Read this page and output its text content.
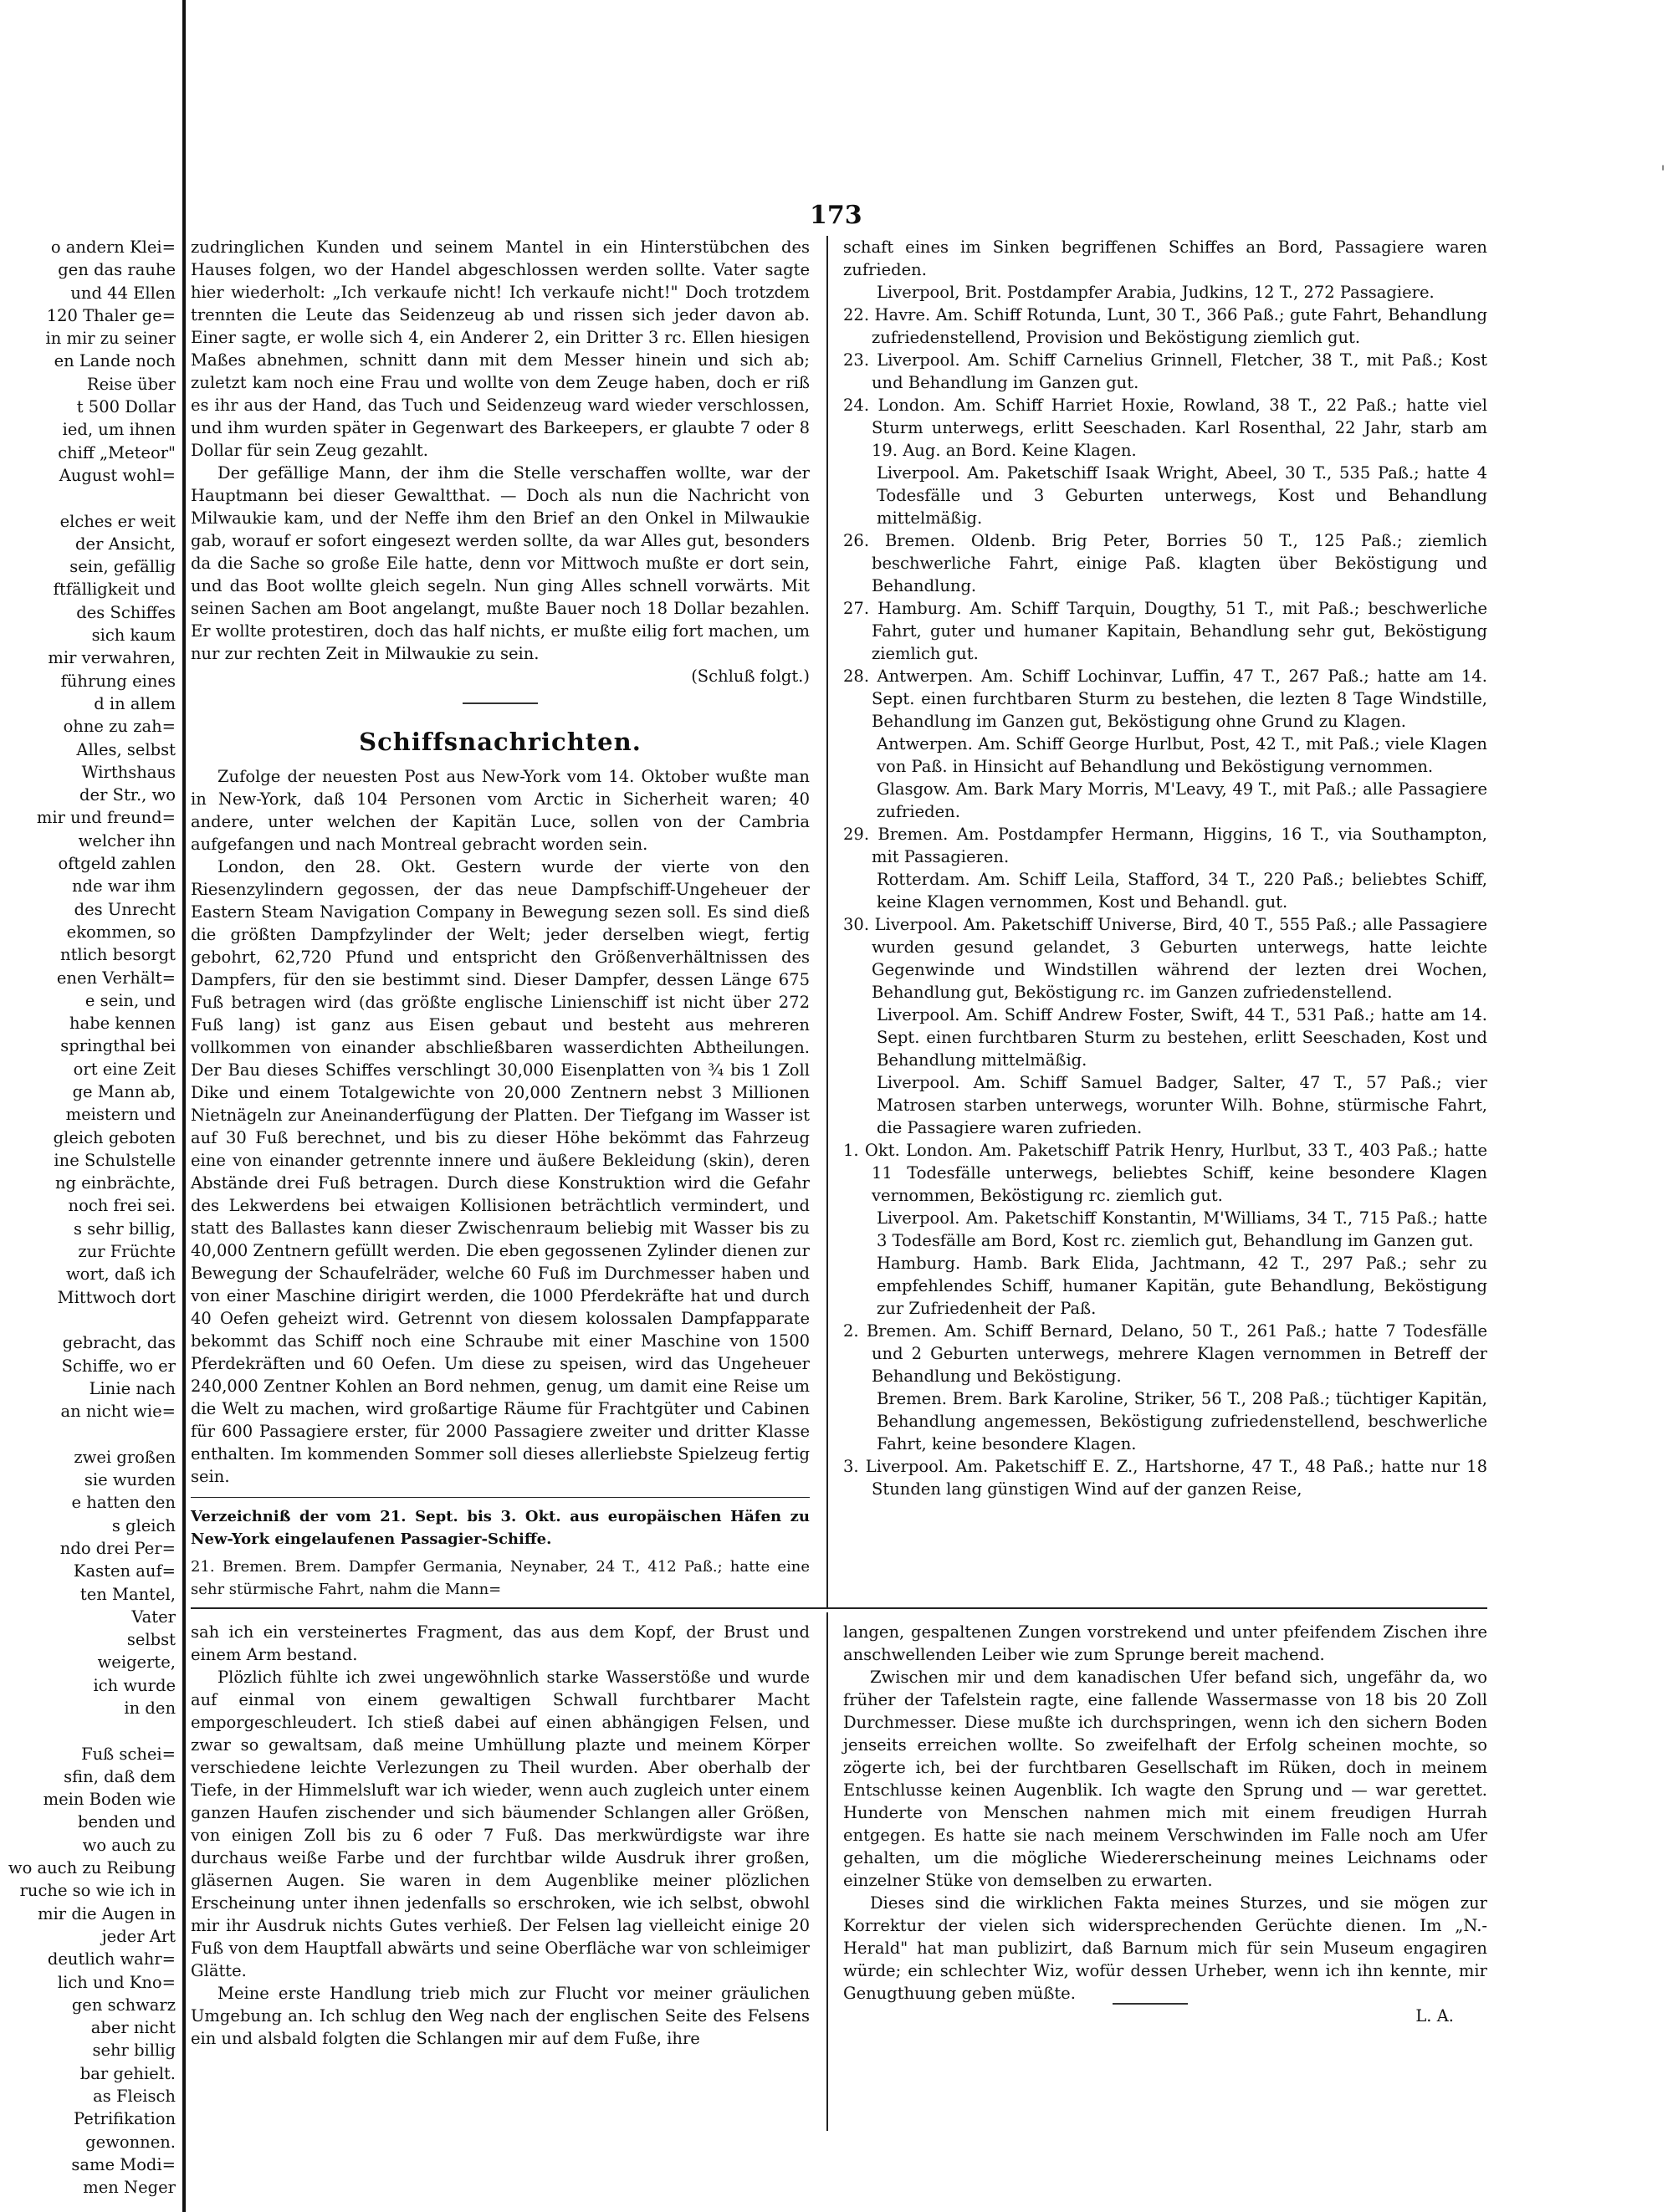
173
o andern Klei=
gen das rauhe
und 44 Ellen
120 Thaler ge=
in mir zu seiner
en Lande noch
Reise über
t 500 Dollar
ied, um ihnen
chiff „Meteor"
August wohl=
elches er weit
der Ansicht,
sein, gefällig
ftfälligkeit und
des Schiffes
sich kaum
mir verwahren,
führung eines
d in allem
ohne zu zah=
Alles, selbst
Wirthshaus
der Str., wo
mir und freund=
welcher ihn
oftgeld zahlen
nde war ihm
des Unrecht
ekommen, so
ntlich besorgt
enen Verhält=
e sein, und
habe kennen
springthal bei
ort eine Zeit
ge Mann ab,
meistern und
gleich geboten
ine Schulstelle
ng einbrächte,
noch frei sei.
s sehr billig,
zur Früchte
wort, daß ich
Mittwoch dort
gebracht, das
Schiffe, wo er
Linie nach
an nicht wie=
zwei großen
sie wurden
e hatten den
s gleich
ndo drei Per=
Kasten auf=
ten Mantel,
Vater
selbst
weigerte,
ich wurde
in den
Fuß schei=
sfin, daß dem
mein Boden wie
benden und
wo auch zu
wo auch zu Reibung
ruche so wie ich in
mir die Augen in
jeder Art
deutlich wahr=
lich und Kno=
gen schwarz
aber nicht
sehr billig
bar gehielt.
as Fleisch
Petrifikation
gewonnen.
same Modi=
men Neger

zudringlichen Kunden und seinem Mantel in ein Hinterstübchen des Hauses folgen, wo der Handel abgeschlossen werden sollte. Vater sagte hier wiederholt: „Ich verkaufe nicht! Ich verkaufe nicht!" Doch trotzdem trennten die Leute das Seidenzeug ab und rissen sich jeder davon ab. Einer sagte, er wolle sich 4, ein Anderer 2, ein Dritter 3 rc. Ellen hiesigen Maßes abnehmen, schnitt dann mit dem Messer hinein und sich ab; zuletzt kam noch eine Frau und wollte von dem Zeuge haben, doch er riß es ihr aus der Hand, das Tuch und Seidenzeug ward wieder verschlossen, und ihm wurden später in Gegenwart des Barkeepers, er glaubte 7 oder 8 Dollar für sein Zeug gezahlt.

Der gefällige Mann, der ihm die Stelle verschaffen wollte, war der Hauptmann bei dieser Gewaltthat. — Doch als nun die Nachricht von Milwaukie kam, und der Neffe ihm den Brief an den Onkel in Milwaukie gab, worauf er sofort eingesezt werden sollte, da war Alles gut, besonders da die Sache so große Eile hatte, denn vor Mittwoch mußte er dort sein, und das Boot wollte gleich segeln. Nun ging Alles schnell vorwärts. Mit seinen Sachen am Boot angelangt, mußte Bauer noch 18 Dollar bezahlen. Er wollte protestiren, doch das half nichts, er mußte eilig fort machen, um nur zur rechten Zeit in Milwaukie zu sein.

(Schluß folgt.)

Schiffsnachrichten.

Zufolge der neuesten Post aus New-York vom 14. Oktober wußte man in New-York, daß 104 Personen vom Arctic in Sicherheit waren; 40 andere, unter welchen der Kapitän Luce, sollen von der Cambria aufgefangen und nach Montreal gebracht worden sein.

London, den 28. Okt. Gestern wurde der vierte von den Riesenzylindern gegossen, der das neue Dampfschiff-Ungeheuer der Eastern Steam Navigation Company in Bewegung sezen soll. Es sind dieß die größten Dampfzylinder der Welt; jeder derselben wiegt, fertig gebohrt, 62,720 Pfund und entspricht den Größenverhältnissen des Dampfers, für den sie bestimmt sind. Dieser Dampfer, dessen Länge 675 Fuß betragen wird (das größte englische Linienschiff ist nicht über 272 Fuß lang) ist ganz aus Eisen gebaut und besteht aus mehreren vollkommen von einander abschließbaren wasserdichten Abtheilungen. Der Bau dieses Schiffes verschlingt 30,000 Eisenplatten von ¾ bis 1 Zoll Dike und einem Totalgewichte von 20,000 Zentnern nebst 3 Millionen Nietnägeln zur Aneinanderfügung der Platten. Der Tiefgang im Wasser ist auf 30 Fuß berechnet, und bis zu dieser Höhe bekömmt das Fahrzeug eine von einander getrennte innere und äußere Bekleidung (skin), deren Abstände drei Fuß betragen. Durch diese Konstruktion wird die Gefahr des Lekwerdens bei etwaigen Kollisionen beträchtlich vermindert, und statt des Ballastes kann dieser Zwischenraum beliebig mit Wasser bis zu 40,000 Zentnern gefüllt werden. Die eben gegossenen Zylinder dienen zur Bewegung der Schaufelräder, welche 60 Fuß im Durchmesser haben und von einer Maschine dirigirt werden, die 1000 Pferdekräfte hat und durch 40 Oefen geheizt wird. Getrennt von diesem kolossalen Dampfapparate bekommt das Schiff noch eine Schraube mit einer Maschine von 1500 Pferdekräften und 60 Oefen. Um diese zu speisen, wird das Ungeheuer 240,000 Zentner Kohlen an Bord nehmen, genug, um damit eine Reise um die Welt zu machen, wird großartige Räume für Frachtgüter und Cabinen für 600 Passagiere erster, für 2000 Passagiere zweiter und dritter Klasse enthalten. Im kommenden Sommer soll dieses allerliebste Spielzeug fertig sein.

Verzeichniß der vom 21. Sept. bis 3. Okt. aus europäischen Häfen zu New-York eingelaufenen Passagier-Schiffe.

21. Bremen. Brem. Dampfer Germania, Neynaber, 24 T., 412 Paß.; hatte eine sehr stürmische Fahrt, nahm die Mann=

schaft eines im Sinken begriffenen Schiffes an Bord, Passagiere waren zufrieden.

Liverpool, Brit. Postdampfer Arabia, Judkins, 12 T., 272 Passagiere.

22. Havre. Am. Schiff Rotunda, Lunt, 30 T., 366 Paß.; gute Fahrt, Behandlung zufriedenstellend, Provision und Beköstigung ziemlich gut.

23. Liverpool. Am. Schiff Carnelius Grinnell, Fletcher, 38 T., mit Paß.; Kost und Behandlung im Ganzen gut.

24. London. Am. Schiff Harriet Hoxie, Rowland, 38 T., 22 Paß.; hatte viel Sturm unterwegs, erlitt Seeschaden. Karl Rosenthal, 22 Jahr, starb am 19. Aug. an Bord. Keine Klagen.

Liverpool. Am. Paketschiff Isaak Wright, Abeel, 30 T., 535 Paß.; hatte 4 Todesfälle und 3 Geburten unterwegs, Kost und Behandlung mittelmäßig.

26. Bremen. Oldenb. Brig Peter, Borries 50 T., 125 Paß.; ziemlich beschwerliche Fahrt, einige Paß. klagten über Beköstigung und Behandlung.

27. Hamburg. Am. Schiff Tarquin, Dougthy, 51 T., mit Paß.; beschwerliche Fahrt, guter und humaner Kapitain, Behandlung sehr gut, Beköstigung ziemlich gut.

28. Antwerpen. Am. Schiff Lochinvar, Luffin, 47 T., 267 Paß.; hatte am 14. Sept. einen furchtbaren Sturm zu bestehen, die lezten 8 Tage Windstille, Behandlung im Ganzen gut, Beköstigung ohne Grund zu Klagen.

Antwerpen. Am. Schiff George Hurlbut, Post, 42 T., mit Paß.; viele Klagen von Paß. in Hinsicht auf Behandlung und Beköstigung vernommen.

Glasgow. Am. Bark Mary Morris, M'Leavy, 49 T., mit Paß.; alle Passagiere zufrieden.

29. Bremen. Am. Postdampfer Hermann, Higgins, 16 T., via Southampton, mit Passagieren.

Rotterdam. Am. Schiff Leila, Stafford, 34 T., 220 Paß.; beliebtes Schiff, keine Klagen vernommen, Kost und Behandl. gut.

30. Liverpool. Am. Paketschiff Universe, Bird, 40 T., 555 Paß.; alle Passagiere wurden gesund gelandet, 3 Geburten unterwegs, hatte leichte Gegenwinde und Windstillen während der lezten drei Wochen, Behandlung gut, Beköstigung rc. im Ganzen zufriedenstellend.

Liverpool. Am. Schiff Andrew Foster, Swift, 44 T., 531 Paß.; hatte am 14. Sept. einen furchtbaren Sturm zu bestehen, erlitt Seeschaden, Kost und Behandlung mittelmäßig.

Liverpool. Am. Schiff Samuel Badger, Salter, 47 T., 57 Paß.; vier Matrosen starben unterwegs, worunter Wilh. Bohne, stürmische Fahrt, die Passagiere waren zufrieden.

1. Okt. London. Am. Paketschiff Patrik Henry, Hurlbut, 33 T., 403 Paß.; hatte 11 Todesfälle unterwegs, beliebtes Schiff, keine besondere Klagen vernommen, Beköstigung rc. ziemlich gut.

Liverpool. Am. Paketschiff Konstantin, M'Williams, 34 T., 715 Paß.; hatte 3 Todesfälle am Bord, Kost rc. ziemlich gut, Behandlung im Ganzen gut.

Hamburg. Hamb. Bark Elida, Jachtmann, 42 T., 297 Paß.; sehr zu empfehlendes Schiff, humaner Kapitän, gute Behandlung, Beköstigung zur Zufriedenheit der Paß.

2. Bremen. Am. Schiff Bernard, Delano, 50 T., 261 Paß.; hatte 7 Todesfälle und 2 Geburten unterwegs, mehrere Klagen vernommen in Betreff der Behandlung und Beköstigung.

Bremen. Brem. Bark Karoline, Striker, 56 T., 208 Paß.; tüchtiger Kapitän, Behandlung angemessen, Beköstigung zufriedenstellend, beschwerliche Fahrt, keine besondere Klagen.

3. Liverpool. Am. Paketschiff E. Z., Hartshorne, 47 T., 48 Paß.; hatte nur 18 Stunden lang günstigen Wind auf der ganzen Reise,

sah ich ein versteinertes Fragment, das aus dem Kopf, der Brust und einem Arm bestand.

Plözlich fühlte ich zwei ungewöhnlich starke Wasserstöße und wurde auf einmal von einem gewaltigen Schwall furchtbarer Macht emporgeschleudert. Ich stieß dabei auf einen abhängigen Felsen, und zwar so gewaltsam, daß meine Umhüllung plazte und meinem Körper verschiedene leichte Verlezungen zu Theil wurden. Aber oberhalb der Tiefe, in der Himmelsluft war ich wieder, wenn auch zugleich unter einem ganzen Haufen zischender und sich bäumender Schlangen aller Größen, von einigen Zoll bis zu 6 oder 7 Fuß. Das merkwürdigste war ihre durchaus weiße Farbe und der furchtbar wilde Ausdruk ihrer großen, gläsernen Augen. Sie waren in dem Augenblike meiner plözlichen Erscheinung unter ihnen jedenfalls so erschroken, wie ich selbst, obwohl mir ihr Ausdruk nichts Gutes verhieß. Der Felsen lag vielleicht einige 20 Fuß von dem Hauptfall abwärts und seine Oberfläche war von schleimiger Glätte.

Meine erste Handlung trieb mich zur Flucht vor meiner gräulichen Umgebung an. Ich schlug den Weg nach der englischen Seite des Felsens ein und alsbald folgten die Schlangen mir auf dem Fuße, ihre

langen, gespaltenen Zungen vorstrekend und unter pfeifendem Zischen ihre anschwellenden Leiber wie zum Sprunge bereit machend.

Zwischen mir und dem kanadischen Ufer befand sich, ungefähr da, wo früher der Tafelstein ragte, eine fallende Wassermasse von 18 bis 20 Zoll Durchmesser. Diese mußte ich durchspringen, wenn ich den sichern Boden jenseits erreichen wollte. So zweifelhaft der Erfolg scheinen mochte, so zögerte ich, bei der furchtbaren Gesellschaft im Rüken, doch in meinem Entschlusse keinen Augenblik. Ich wagte den Sprung und — war gerettet. Hunderte von Menschen nahmen mich mit einem freudigen Hurrah entgegen. Es hatte sie nach meinem Verschwinden im Falle noch am Ufer gehalten, um die mögliche Wiedererscheinung meines Leichnams oder einzelner Stüke von demselben zu erwarten.

Dieses sind die wirklichen Fakta meines Sturzes, und sie mögen zur Korrektur der vielen sich widersprechenden Gerüchte dienen. Im „N.-Herald" hat man publizirt, daß Barnum mich für sein Museum engagiren würde; ein schlechter Wiz, wofür dessen Urheber, wenn ich ihn kennte, mir Genugthuung geben müßte.

L. A.

'
